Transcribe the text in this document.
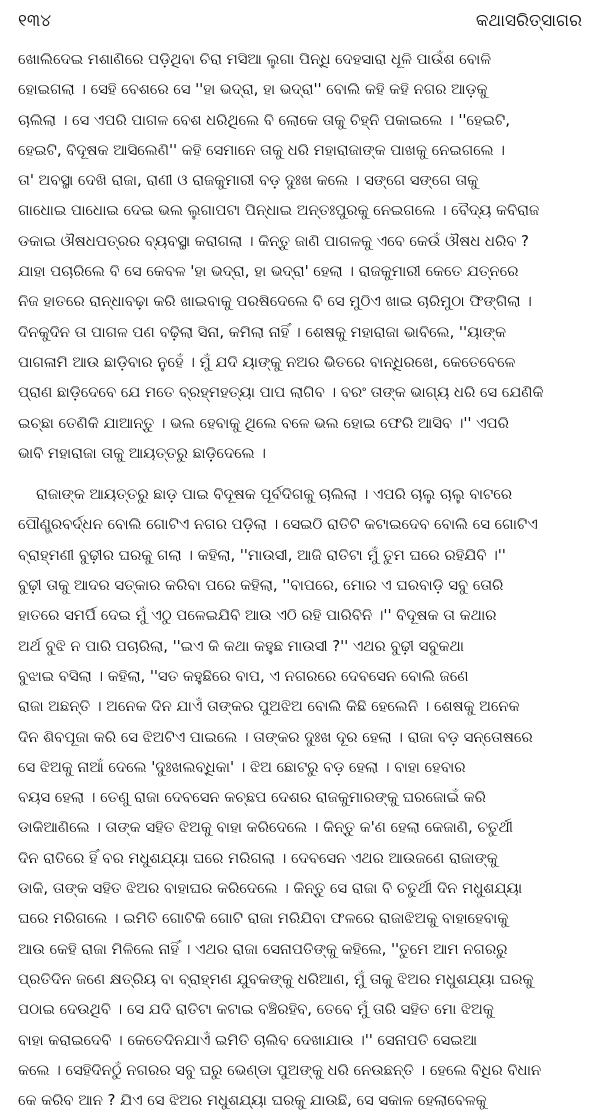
୧୩୪	କଥାସରିତ୍‌ସାଗର
ଖୋଲିଦେଇ ମଶାଣିରେ ପଡ଼ିଥିବା ଚିରା ମସିଆ ଲୁଗା ପିନ୍ଧି ଦେହସାରା ଧୂଳି ପାଉଁଶ ବୋଳି
ହୋଇଗଲା । ସେହି ବେଶରେ ସେ ''ହା ଭଦ୍ରା, ହା ଭଦ୍ରା'' ବୋଲି କହି କହି ନଗର ଆଡ଼କୁ
ଚାଲିଲା । ସେ ଏପରି ପାଗଳ ବେଶ ଧରିଥିଲେ ବି ଲୋକେ ତାକୁ ଚିହ୍ନି ପକାଇଲେ । ''ହେଇଟି,
ହେଇଟି, ବିଦୂଷକ ଆସିଲେଣି'' କହି ସେମାନେ ତାକୁ ଧରି ମହାରାଜାଙ୍କ ପାଖକୁ ନେଇଗଲେ ।
ତା' ଅବସ୍ଥା ଦେଖି ରାଜା, ରାଣୀ ଓ ରାଜକୁମାରୀ ବଡ଼ ଦୁଃଖ କଲେ । ସଙ୍ଗେ ସଙ୍ଗେ ତାକୁ
ଗାଧୋଇ ପାଧୋଇ ଦେଇ ଭଲ ଲୁଗାପଟା ପିନ୍ଧାଇ ଅନ୍ତଃପୁରକୁ ନେଇଗଲେ । ବୈଦ୍ୟ କବିରାଜ
ଡକାଇ ଔଷଧପତ୍ରର ବ୍ୟବସ୍ଥା କରାଗଲା । କିନ୍ତୁ ଜାଣି ପାଗଳକୁ ଏବେ କେଉଁ ଔଷଧ ଧରିବ ?
ଯାହା ପଚାରିଲେ ବି ସେ କେବଳ 'ହା ଭଦ୍ରା, ହା ଭଦ୍ରା' ହେଲା । ରାଜକୁମାରୀ କେତେ ଯତ୍ନରେ
ନିଜ ହାତରେ ରାନ୍ଧାବଢ଼ା କରି ଖାଇବାକୁ ପରଷିଦେଲେ ବି ସେ ମୁଠିଏ ଖାଇ ଚାରିମୁଠା ଫିଙ୍ଗିଲା ।
ଦିନକୁଦିନ ତା ପାଗଳ ପଣ ବଢ଼ିଲା ସିନା, କମିଲା ନାହିଁ । ଶେଷକୁ ମହାରାଜା ଭାବିଲେ, ''ୟାଙ୍କ
ପାଗଳାମି ଆଉ ଛାଡ଼ିବାର ନୁହେଁ । ମୁଁ ଯଦି ୟାଙ୍କୁ ନଅର ଭିତରେ ବାନ୍ଧିରଖେ, କେତେବେଳେ
ପ୍ରାଣ ଛାଡ଼ିଦେବେ ଯେ ମତେ ବ୍ରହ୍ମହତ୍ୟା ପାପ ଲାଗିବ । ବରଂ ତାଙ୍କ ଭାଗ୍ୟ ଧରି ସେ ଯେଣିକି
ଇଚ୍ଛା ତେଣିକି ଯାଆନ୍ତୁ । ଭଲ ହେବାକୁ ଥିଲେ ବଳେ ଭଲ ହୋଇ ଫେରି ଆସିବ ।'' ଏପରି
ଭାବି ମହାରାଜା ତାକୁ ଆୟତ୍ତରୁ ଛାଡ଼ିଦେଲେ ।
ରାଜାଙ୍କ ଆୟତ୍ତରୁ ଛାଡ଼ ପାଇ ବିଦୂଷକ ପୂର୍ବଦିଗକୁ ଚାଲିଲା । ଏପରି ଚାଲୁ ଚାଲୁ ବାଟରେ
ପୌଣ୍ଡ୍ରବର୍ଦ୍ଧନ ବୋଲି ଗୋଟିଏ ନଗର ପଡ଼ିଲା । ସେଇଠି ରାତିଟି କଟାଇଦେବ ବୋଲି ସେ ଗୋଟିଏ
ବ୍ରାହ୍ମଣୀ ବୁଢ଼ୀର ଘରକୁ ଗଲା । କହିଲା, ''ମାଉସୀ, ଆଜି ରାତିଟା ମୁଁ ତୁମ ଘରେ ରହିଯିବି ।''
ବୁଢ଼ୀ ତାକୁ ଆଦର ସତ୍କାର କରିବା ପରେ କହିଲା, ''ବାପରେ, ମୋର ଏ ଘରବାଡ଼ି ସବୁ ତୋରି
ହାତରେ ସମର୍ପି ଦେଇ ମୁଁ ଏଠୁ ପଳେଇଯିବି ଆଉ ଏଠି ରହି ପାରିବିନି ।'' ବିଦୂଷକ ତା କଥାର
ଅର୍ଥ ବୁଝି ନ ପାରି ପଚାରିଲା, ''ଇଏ କି କଥା କହୁଛ ମାଉସୀ ?'' ଏଥର ବୁଢ଼ୀ ସବୁକଥା
ବୁଝାଇ ବସିଲା । କହିଲା, ''ସତ କହୁଛିରେ ବାପ, ଏ ନଗରରେ ଦେବସେନ ବୋଲି ଜଣେ
ରାଜା ଅଛନ୍ତି । ଅନେକ ଦିନ ଯାଏଁ ତାଙ୍କର ପୁଅଝିଅ ବୋଲି କିଛି ହେଲେନି । ଶେଷକୁ ଅନେକ
ଦିନ ଶିବପୂଜା କରି ସେ ଝିଅଟିଏ ପାଇଲେ । ତାଙ୍କର ଦୁଃଖ ଦୂର ହେଲା । ରାଜା ବଡ଼ ସନ୍ତୋଷରେ
ସେ ଝିଅକୁ ନାଆଁ ଦେଲେ 'ଦୁଃଖଲବ୍ଧିକା' । ଝିଅ ଛୋଟରୁ ବଡ଼ ହେଲା । ବାହା ହେବାର
ବୟସ ହେଲା । ତେଣୁ ରାଜା ଦେବସେନ କଚ୍ଛପ ଦେଶର ରାଜକୁମାରଙ୍କୁ ଘରଜୋଇଁ କରି
ଡାକିଆଣିଲେ । ତାଙ୍କ ସହିତ ଝିଅକୁ ବାହା କରିଦେଲେ । କିନ୍ତୁ କ'ଣ ହେଲା କେଜାଣି, ଚତୁର୍ଥୀ
ଦିନ ରାତିରେ ହିଁ ବର ମଧୁଶଯ୍ୟା ଘରେ ମରିଗଲା । ଦେବସେନ ଏଥର ଆଉଜଣେ ରାଜାଙ୍କୁ
ଡାକି, ତାଙ୍କ ସହିତ ଝିଅର ବାହାଘର କରିଦେଲେ । କିନ୍ତୁ ସେ ରାଜା ବି ଚତୁର୍ଥୀ ଦିନ ମଧୁଶଯ୍ୟା
ଘରେ ମରିଗଲେ । ଇମିତି ଗୋଟିକି ଗୋଟି ରାଜା ମରିଯିବା ଫଳରେ ରାଜାଝିଅକୁ ବାହାହେବାକୁ
ଆଉ କେହି ରାଜା ମିଳିଲେ ନାହିଁ । ଏଥର ରାଜା ସେନାପତିଙ୍କୁ କହିଲେ, ''ତୁମେ ଆମ ନଗରରୁ
ପ୍ରତିଦିନ ଜଣେ କ୍ଷତ୍ରିୟ ବା ବ୍ରାହ୍ମଣ ଯୁବକଙ୍କୁ ଧରିଆଣ, ମୁଁ ତାକୁ ଝିଅର ମଧୁଶଯ୍ୟା ଘରକୁ
ପଠାଇ ଦେଉଥିବି । ସେ ଯଦି ରାତିଟା କଟାଇ ବଞ୍ଚିରହିବ, ତେବେ ମୁଁ ତାରି ସହିତ ମୋ ଝିଅକୁ
ବାହା କରାଇଦେବି । କେତେଦିନଯାଏଁ ଇମିତି ଚାଲିବ ଦେଖାଯାଉ ।'' ସେନାପତି ସେଇଆ
କଲେ । ସେହିଦିନଠୁଁ ନଗରର ସବୁ ଘରୁ ଭେଣ୍ଡା ପୁଅଙ୍କୁ ଧରି ନେଉଛନ୍ତି । ହେଲେ ବିଧିର ବିଧାନ
କେ କରିବ ଆନ ? ଯିଏ ସେ ଝିଅର ମଧୁଶଯ୍ୟା ଘରକୁ ଯାଉଛି, ସେ ସକାଳ ହେଲାବେଳକୁ
